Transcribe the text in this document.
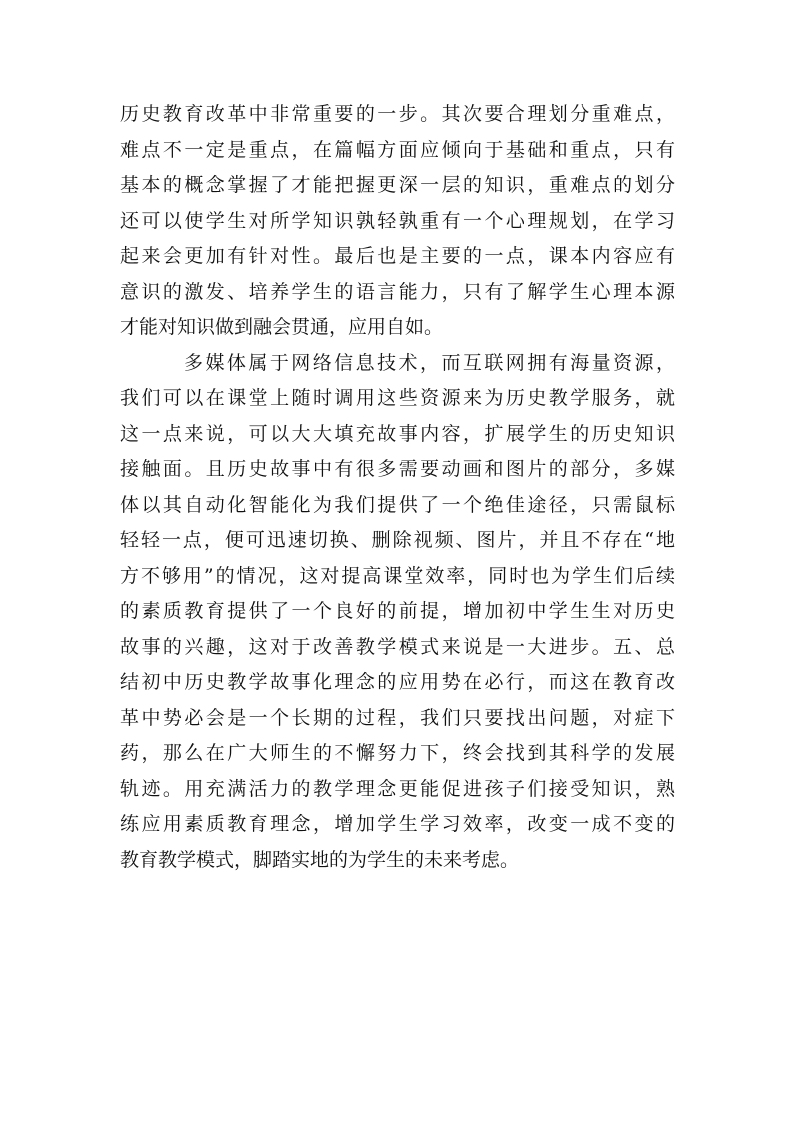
历史教育改革中非常重要的一步。其次要合理划分重难点，
难点不一定是重点，在篇幅方面应倾向于基础和重点，只有
基本的概念掌握了才能把握更深一层的知识，重难点的划分
还可以使学生对所学知识孰轻孰重有一个心理规划，在学习
起来会更加有针对性。最后也是主要的一点，课本内容应有
意识的激发、培养学生的语言能力，只有了解学生心理本源
才能对知识做到融会贯通，应用自如。
多媒体属于网络信息技术，而互联网拥有海量资源，
我们可以在课堂上随时调用这些资源来为历史教学服务，就
这一点来说，可以大大填充故事内容，扩展学生的历史知识
接触面。且历史故事中有很多需要动画和图片的部分，多媒
体以其自动化智能化为我们提供了一个绝佳途径，只需鼠标
轻轻一点，便可迅速切换、删除视频、图片，并且不存在“地
方不够用”的情况，这对提高课堂效率，同时也为学生们后续
的素质教育提供了一个良好的前提，增加初中学生生对历史
故事的兴趣，这对于改善教学模式来说是一大进步。五、总
结初中历史教学故事化理念的应用势在必行，而这在教育改
革中势必会是一个长期的过程，我们只要找出问题，对症下
药，那么在广大师生的不懈努力下，终会找到其科学的发展
轨迹。用充满活力的教学理念更能促进孩子们接受知识，熟
练应用素质教育理念，增加学生学习效率，改变一成不变的
教育教学模式，脚踏实地的为学生的未来考虑。
